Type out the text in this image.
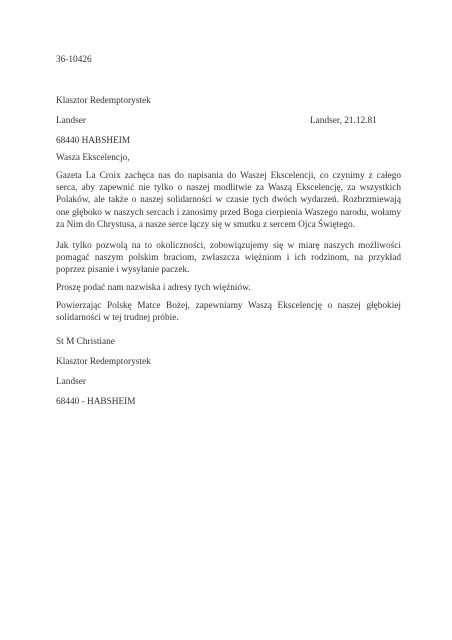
36-10426
Klasztor Redemptorystek
Landser	Landser, 21.12.81
68440 HABSHEIM
Wasza Ekscelencjo,

Gazeta La Croix zachęca nas do napisania do Waszej Ekscelencji, co czynimy z całego serca, aby zapewnić nie tylko o naszej modlitwie za Waszą Ekscelencję, za wszystkich Polaków, ale także o naszej solidarności w czasie tych dwóch wydarzeń. Rozbrzmiewają one głęboko w naszych sercach i zanosimy przed Boga cierpienia Waszego narodu, wołamy za Nim do Chrystusa, a nasze serce łączy się w smutku z sercem Ojca Świętego.

Jak tylko pozwolą na to okoliczności, zobowiązujemy się w miarę naszych możliwości pomagać naszym polskim braciom, zwłaszcza więźniom i ich rodzinom, na przykład poprzez pisanie i wysyłanie paczek.

Proszę podać nam nazwiska i adresy tych więźniów.

Powierzając Polskę Matce Bożej, zapewniamy Waszą Ekscelencję o naszej głębokiej solidarności w tej trudnej próbie.

St M Christiane
Klasztor Redemptorystek
Landser
68440 - HABSHEIM
